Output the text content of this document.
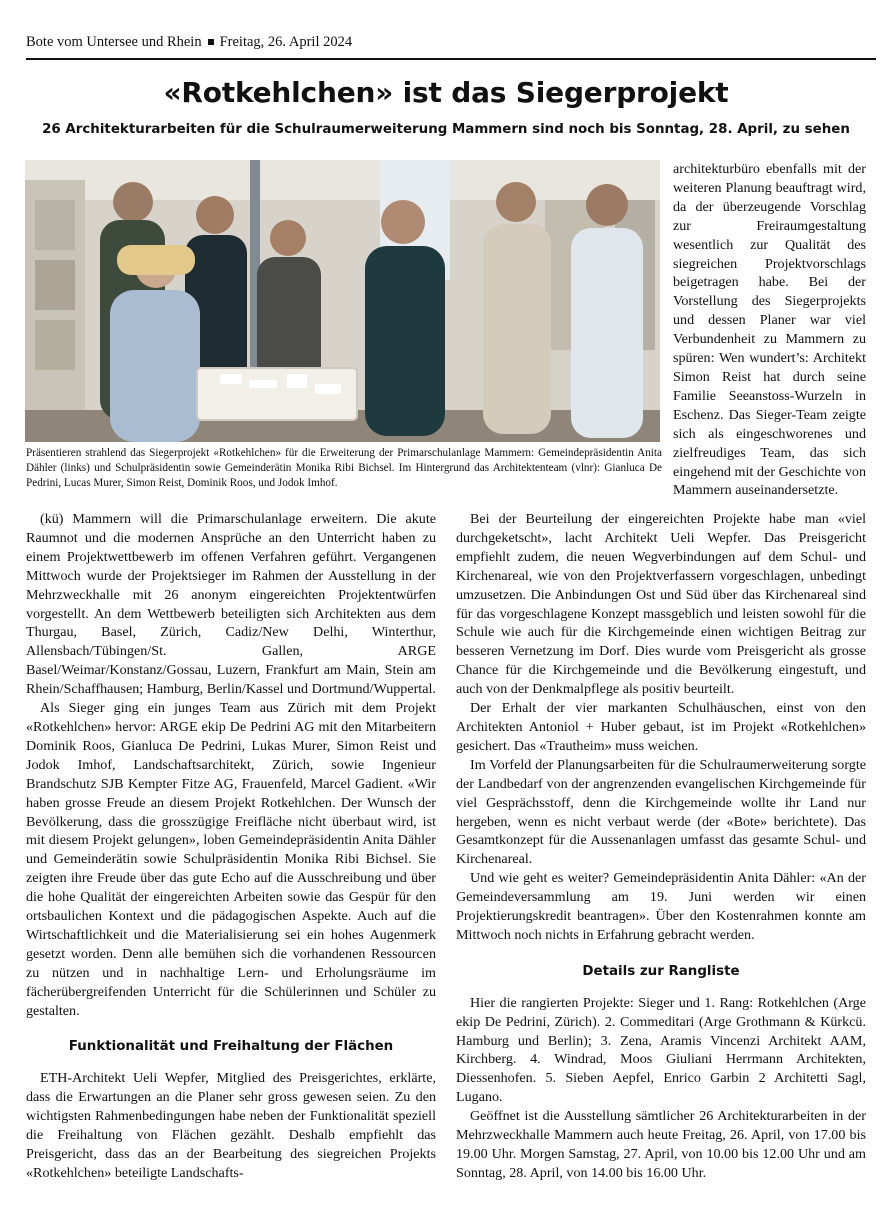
Bote vom Untersee und Rhein Freitag, 26. April 2024
«Rotkehlchen» ist das Siegerprojekt
26 Architekturarbeiten für die Schulraumerweiterung Mammern sind noch bis Sonntag, 28. April, zu sehen
Präsentieren strahlend das Siegerprojekt «Rotkehlchen» für die Erweiterung der Primarschulanlage Mammern: Gemeindepräsidentin Anita Dähler (links) und Schulpräsidentin sowie Gemeinderätin Monika Ribi Bichsel. Im Hintergrund das Architektenteam (vlnr): Gianluca De Pedrini, Lucas Murer, Simon Reist, Dominik Roos, und Jodok Imhof.

architekturbüro ebenfalls mit der weiteren Planung beauftragt wird, da der überzeugende Vorschlag zur Freiraumgestaltung wesentlich zur Qualität des siegreichen Projektvorschlags beigetragen habe. Bei der Vorstellung des Siegerprojekts und dessen Planer war viel Verbundenheit zu Mammern zu spüren: Wen wundert’s: Architekt Simon Reist hat durch seine Familie Seeanstoss-Wurzeln in Eschenz. Das Sieger-Team zeigte sich als eingeschworenes und zielfreudiges Team, das sich eingehend mit der Geschichte von Mammern auseinandersetzte.

(kü) Mammern will die Primarschulanlage erweitern. Die akute Raumnot und die modernen Ansprüche an den Unterricht haben zu einem Projektwettbewerb im offenen Verfahren geführt. Vergangenen Mittwoch wurde der Projektsieger im Rahmen der Ausstellung in der Mehrzweckhalle mit 26 anonym eingereichten Projektentwürfen vorgestellt. An dem Wettbewerb beteiligten sich Architekten aus dem Thurgau, Basel, Zürich, Cadiz/New Delhi, Winterthur, Allensbach/Tübingen/St. Gallen, ARGE Basel/Weimar/Konstanz/Gossau, Luzern, Frankfurt am Main, Stein am Rhein/Schaffhausen; Hamburg, Berlin/Kassel und Dortmund/Wuppertal.

Als Sieger ging ein junges Team aus Zürich mit dem Projekt «Rotkehlchen» hervor: ARGE ekip De Pedrini AG mit den Mitarbeitern Dominik Roos, Gianluca De Pedrini, Lukas Murer, Simon Reist und Jodok Imhof, Landschaftsarchitekt, Zürich, sowie Ingenieur Brandschutz SJB Kempter Fitze AG, Frauenfeld, Marcel Gadient. «Wir haben grosse Freude an diesem Projekt Rotkehlchen. Der Wunsch der Bevölkerung, dass die grosszügige Freifläche nicht überbaut wird, ist mit diesem Projekt gelungen», loben Gemeindepräsidentin Anita Dähler und Gemeinderätin sowie Schulpräsidentin Monika Ribi Bichsel. Sie zeigten ihre Freude über das gute Echo auf die Ausschreibung und über die hohe Qualität der eingereichten Arbeiten sowie das Gespür für den ortsbaulichen Kontext und die pädagogischen Aspekte. Auch auf die Wirtschaftlichkeit und die Materialisierung sei ein hohes Augenmerk gesetzt worden. Denn alle bemühen sich die vorhandenen Ressourcen zu nützen und in nachhaltige Lern- und Erholungsräume im fächerübergreifenden Unterricht für die Schülerinnen und Schüler zu gestalten.

Funktionalität und Freihaltung der Flächen

ETH-Architekt Ueli Wepfer, Mitglied des Preisgerichtes, erklärte, dass die Erwartungen an die Planer sehr gross gewesen seien. Zu den wichtigsten Rahmenbedingungen habe neben der Funktionalität speziell die Freihaltung von Flächen gezählt. Deshalb empfiehlt das Preisgericht, dass das an der Bearbeitung des siegreichen Projekts «Rotkehlchen» beteiligte Landschafts-

Bei der Beurteilung der eingereichten Projekte habe man «viel durchgeketscht», lacht Architekt Ueli Wepfer. Das Preisgericht empfiehlt zudem, die neuen Wegverbindungen auf dem Schul- und Kirchenareal, wie von den Projektverfassern vorgeschlagen, unbedingt umzusetzen. Die Anbindungen Ost und Süd über das Kirchenareal sind für das vorgeschlagene Konzept massgeblich und leisten sowohl für die Schule wie auch für die Kirchgemeinde einen wichtigen Beitrag zur besseren Vernetzung im Dorf. Dies wurde vom Preisgericht als grosse Chance für die Kirchgemeinde und die Bevölkerung eingestuft, und auch von der Denkmalpflege als positiv beurteilt.

Der Erhalt der vier markanten Schulhäuschen, einst von den Architekten Antoniol + Huber gebaut, ist im Projekt «Rotkehlchen» gesichert. Das «Trautheim» muss weichen.

Im Vorfeld der Planungsarbeiten für die Schulraumerweiterung sorgte der Landbedarf von der angrenzenden evangelischen Kirchgemeinde für viel Gesprächsstoff, denn die Kirchgemeinde wollte ihr Land nur hergeben, wenn es nicht verbaut werde (der «Bote» berichtete). Das Gesamtkonzept für die Aussenanlagen umfasst das gesamte Schul- und Kirchenareal.

Und wie geht es weiter? Gemeindepräsidentin Anita Dähler: «An der Gemeindeversammlung am 19. Juni werden wir einen Projektierungskredit beantragen». Über den Kostenrahmen konnte am Mittwoch noch nichts in Erfahrung gebracht werden.

Details zur Rangliste

Hier die rangierten Projekte: Sieger und 1. Rang: Rotkehlchen (Arge ekip De Pedrini, Zürich). 2. Commeditari (Arge Grothmann & Kürkcü. Hamburg und Berlin); 3. Zena, Aramis Vincenzi Architekt AAM, Kirchberg. 4. Windrad, Moos Giuliani Herrmann Architekten, Diessenhofen. 5. Sieben Aepfel, Enrico Garbin 2 Architetti Sagl, Lugano.

Geöffnet ist die Ausstellung sämtlicher 26 Architekturarbeiten in der Mehrzweckhalle Mammern auch heute Freitag, 26. April, von 17.00 bis 19.00 Uhr. Morgen Samstag, 27. April, von 10.00 bis 12.00 Uhr und am Sonntag, 28. April, von 14.00 bis 16.00 Uhr.
